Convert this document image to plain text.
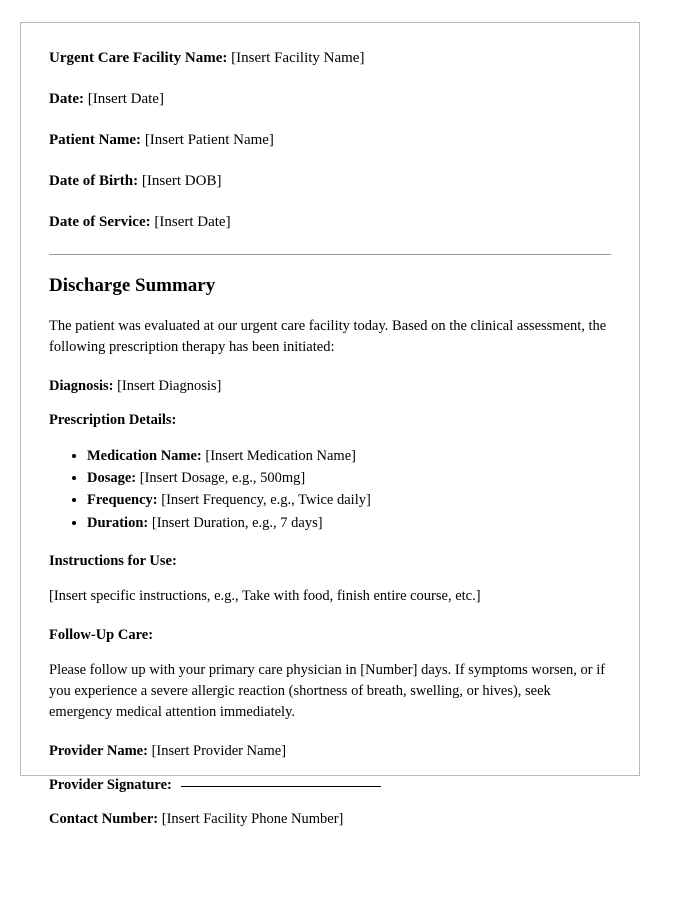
Urgent Care Facility Name: [Insert Facility Name]

Date: [Insert Date]

Patient Name: [Insert Patient Name]

Date of Birth: [Insert DOB]

Date of Service: [Insert Date]

Discharge Summary

The patient was evaluated at our urgent care facility today. Based on the clinical assessment, the following prescription therapy has been initiated:

Diagnosis: [Insert Diagnosis]

Prescription Details:

• Medication Name: [Insert Medication Name]
• Dosage: [Insert Dosage, e.g., 500mg]
• Frequency: [Insert Frequency, e.g., Twice daily]
• Duration: [Insert Duration, e.g., 7 days]

Instructions for Use:

[Insert specific instructions, e.g., Take with food, finish entire course, etc.]

Follow-Up Care:

Please follow up with your primary care physician in [Number] days. If symptoms worsen, or if you experience a severe allergic reaction (shortness of breath, swelling, or hives), seek emergency medical attention immediately.

Provider Name: [Insert Provider Name]

Provider Signature:

Contact Number: [Insert Facility Phone Number]
